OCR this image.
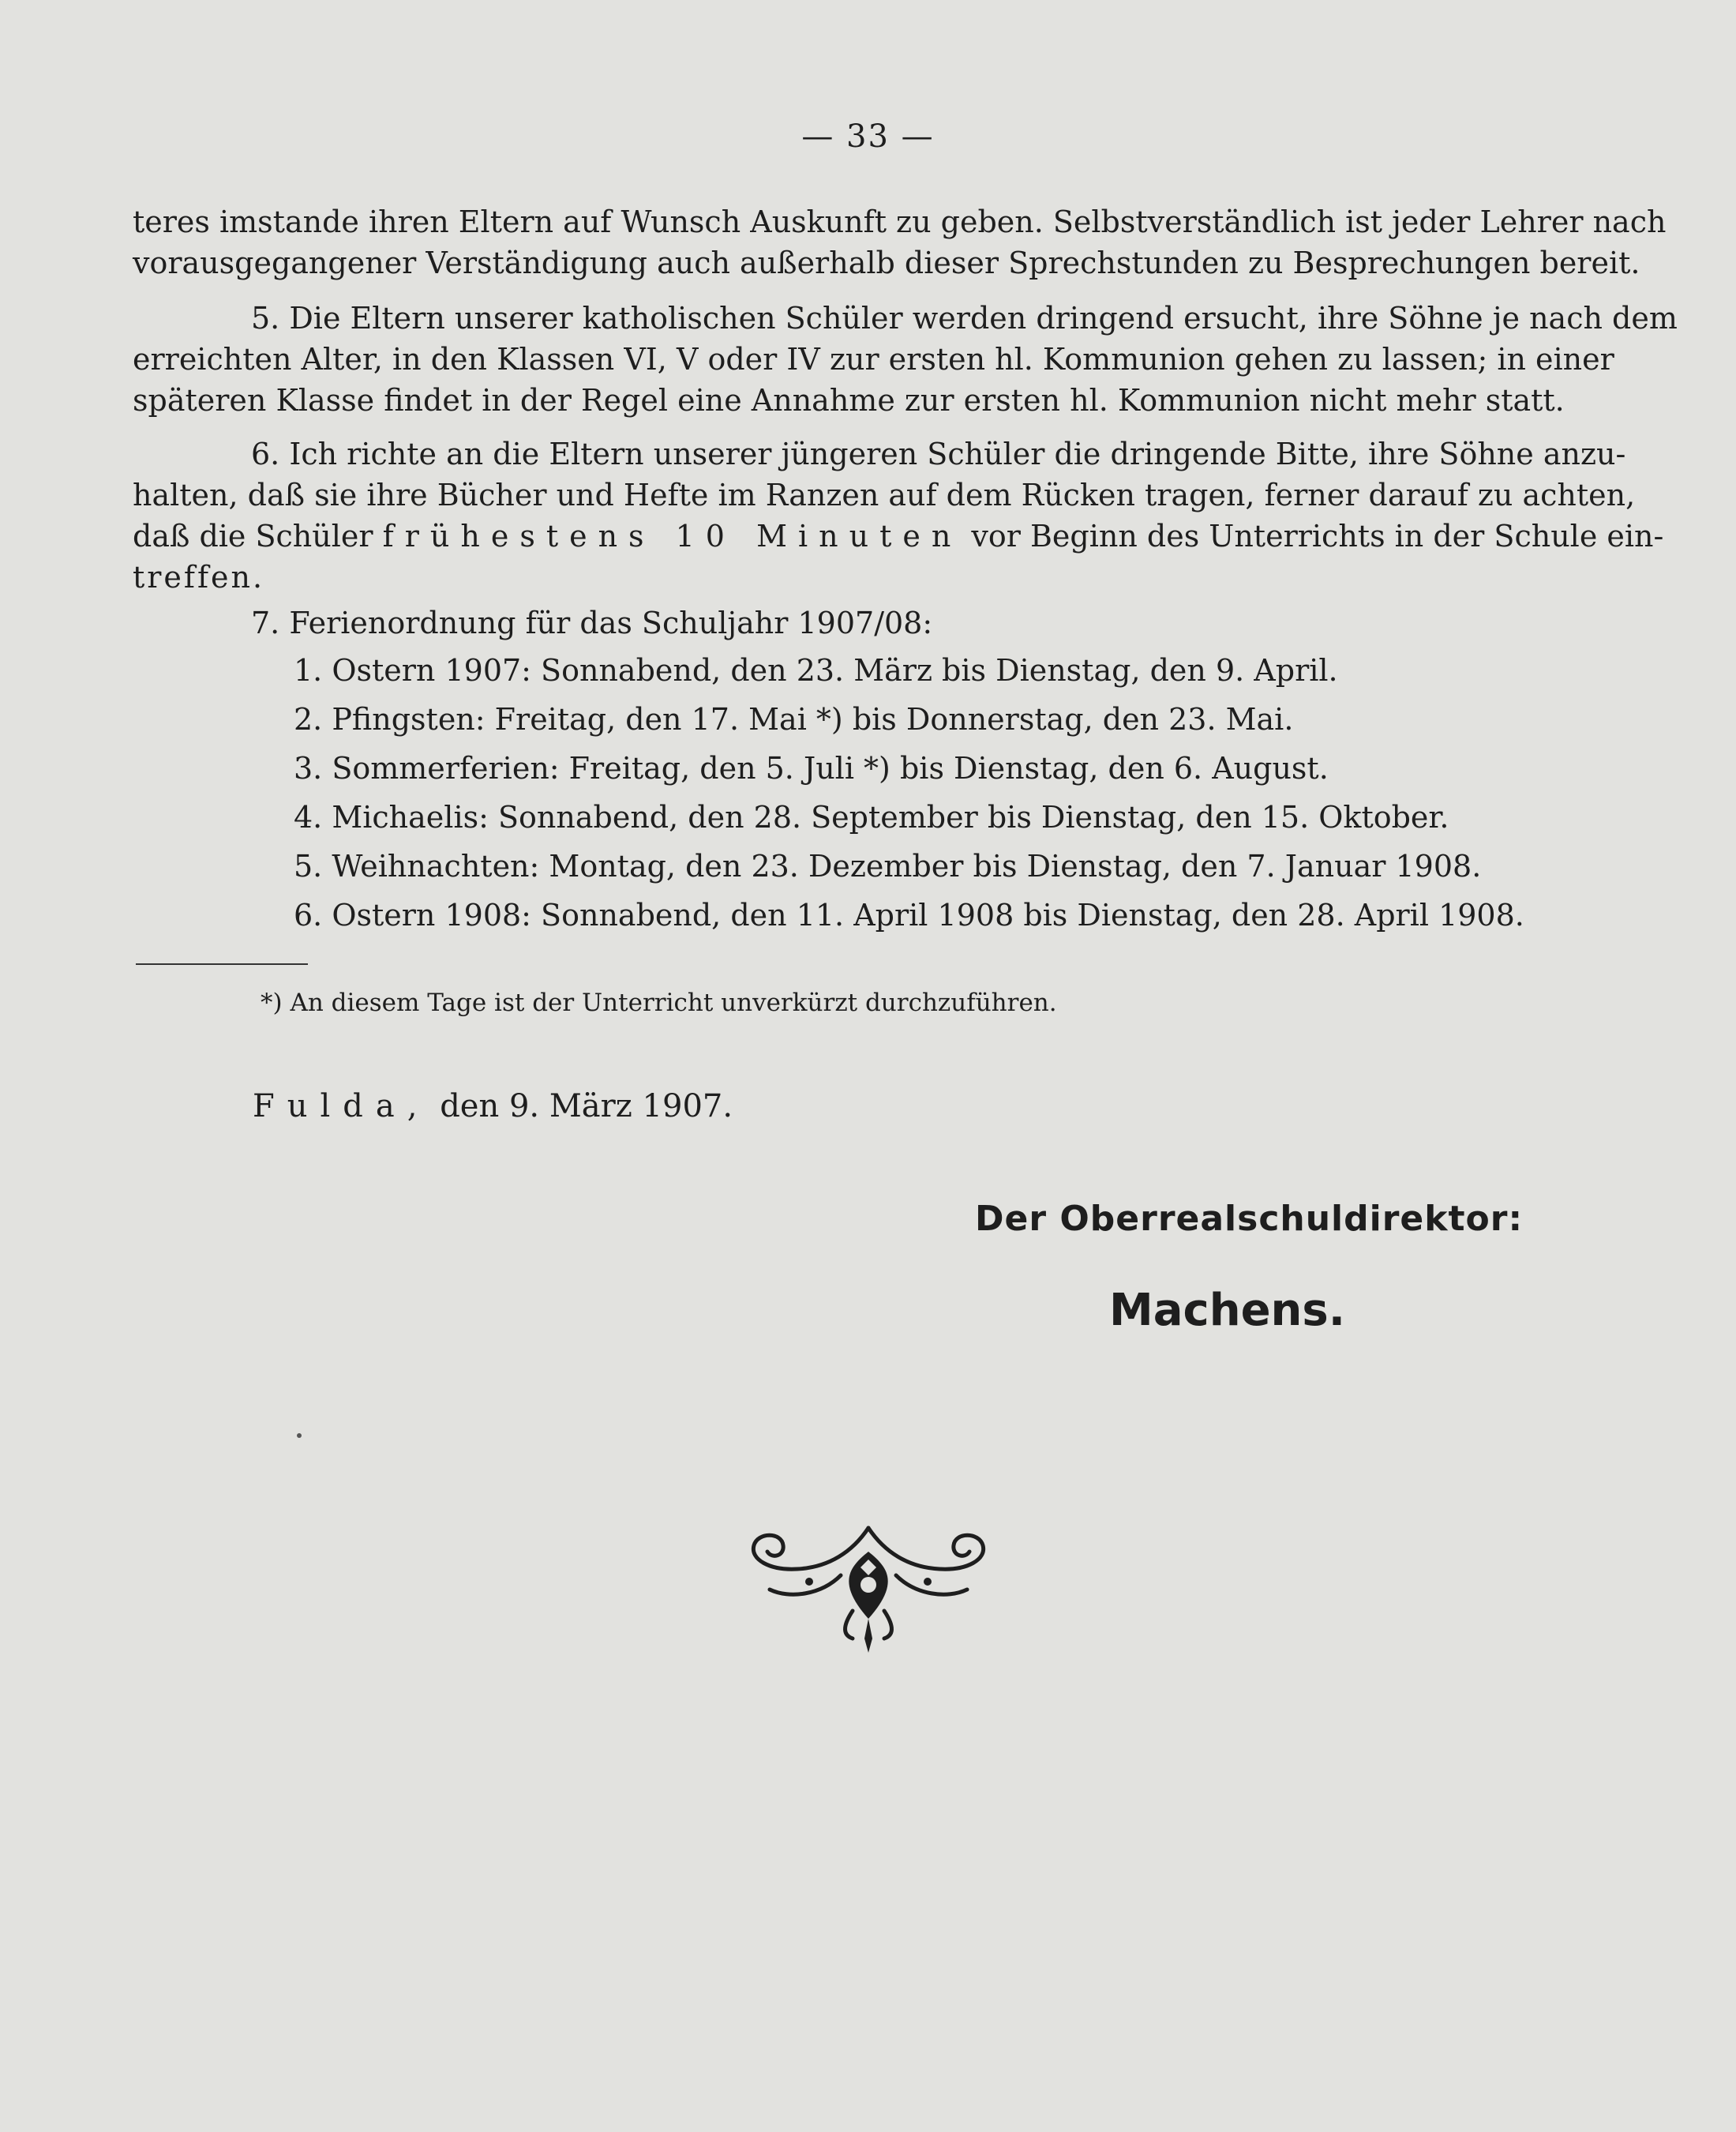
— 33 —
teres imstande ihren Eltern auf Wunsch Auskunft zu geben. Selbstverständlich ist jeder Lehrer nach
vorausgegangener Verständigung auch außerhalb dieser Sprechstunden zu Besprechungen bereit.
5. Die Eltern unserer katholischen Schüler werden dringend ersucht, ihre Söhne je nach dem
erreichten Alter, in den Klassen VI, V oder IV zur ersten hl. Kommunion gehen zu lassen; in einer
späteren Klasse findet in der Regel eine Annahme zur ersten hl. Kommunion nicht mehr statt.
6. Ich richte an die Eltern unserer jüngeren Schüler die dringende Bitte, ihre Söhne anzu-
halten, daß sie ihre Bücher und Hefte im Ranzen auf dem Rücken tragen, ferner darauf zu achten,
daß die Schüler frühestens 10 Minuten vor Beginn des Unterrichts in der Schule ein-
treffen.
7. Ferienordnung für das Schuljahr 1907/08:
1. Ostern 1907: Sonnabend, den 23. März bis Dienstag, den 9. April.
2. Pfingsten: Freitag, den 17. Mai *) bis Donnerstag, den 23. Mai.
3. Sommerferien: Freitag, den 5. Juli *) bis Dienstag, den 6. August.
4. Michaelis: Sonnabend, den 28. September bis Dienstag, den 15. Oktober.
5. Weihnachten: Montag, den 23. Dezember bis Dienstag, den 7. Januar 1908.
6. Ostern 1908: Sonnabend, den 11. April 1908 bis Dienstag, den 28. April 1908.
*) An diesem Tage ist der Unterricht unverkürzt durchzuführen.
Fulda, den 9. März 1907.
Der Oberrealschuldirektor:
Machens.
